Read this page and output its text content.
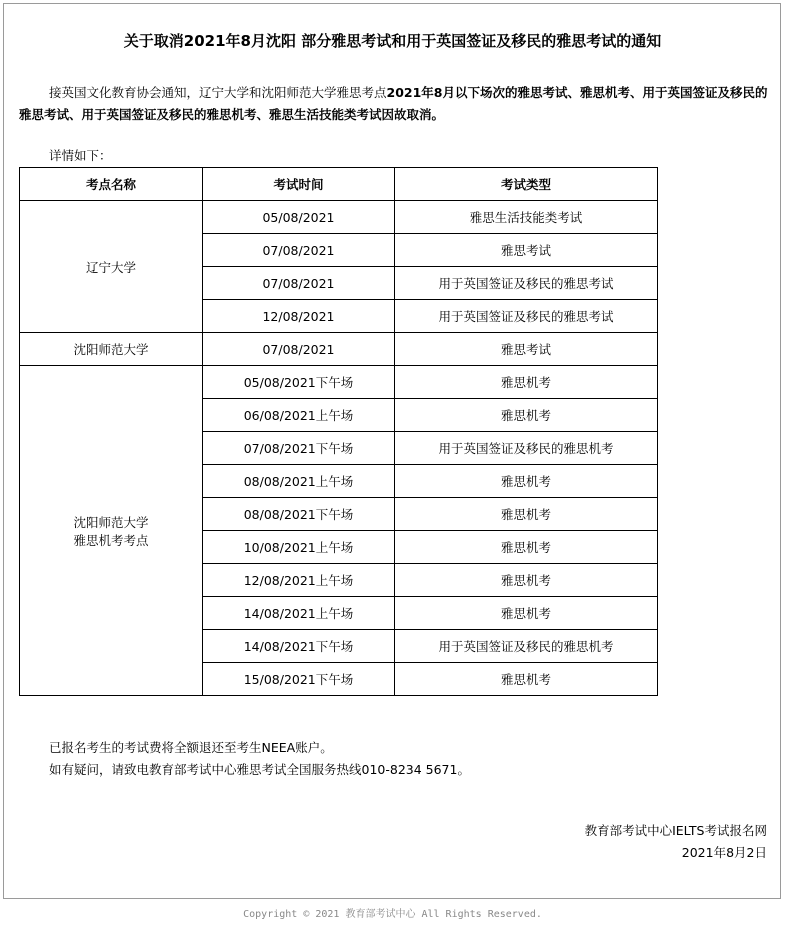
关于取消2021年8月沈阳 部分雅思考试和用于英国签证及移民的雅思考试的通知
接英国文化教育协会通知，辽宁大学和沈阳师范大学雅思考点2021年8月以下场次的雅思考试、雅思机考、用于英国签证及移民的雅思考试、用于英国签证及移民的雅思机考、雅思生活技能类考试因故取消。
详情如下：
考点名称	考试时间	考试类型
辽宁大学	05/08/2021	雅思生活技能类考试
	07/08/2021	雅思考试
	07/08/2021	用于英国签证及移民的雅思考试
	12/08/2021	用于英国签证及移民的雅思考试
沈阳师范大学	07/08/2021	雅思考试
沈阳师范大学
雅思机考考点	05/08/2021下午场	雅思机考
	06/08/2021上午场	雅思机考
	07/08/2021下午场	用于英国签证及移民的雅思机考
	08/08/2021上午场	雅思机考
	08/08/2021下午场	雅思机考
	10/08/2021上午场	雅思机考
	12/08/2021上午场	雅思机考
	14/08/2021上午场	雅思机考
	14/08/2021下午场	用于英国签证及移民的雅思机考
	15/08/2021下午场	雅思机考
已报名考生的考试费将全额退还至考生NEEA账户。
如有疑问，请致电教育部考试中心雅思考试全国服务热线010-8234 5671。
教育部考试中心IELTS考试报名网
2021年8月2日
Copyright © 2021 教育部考试中心 All Rights Reserved.
